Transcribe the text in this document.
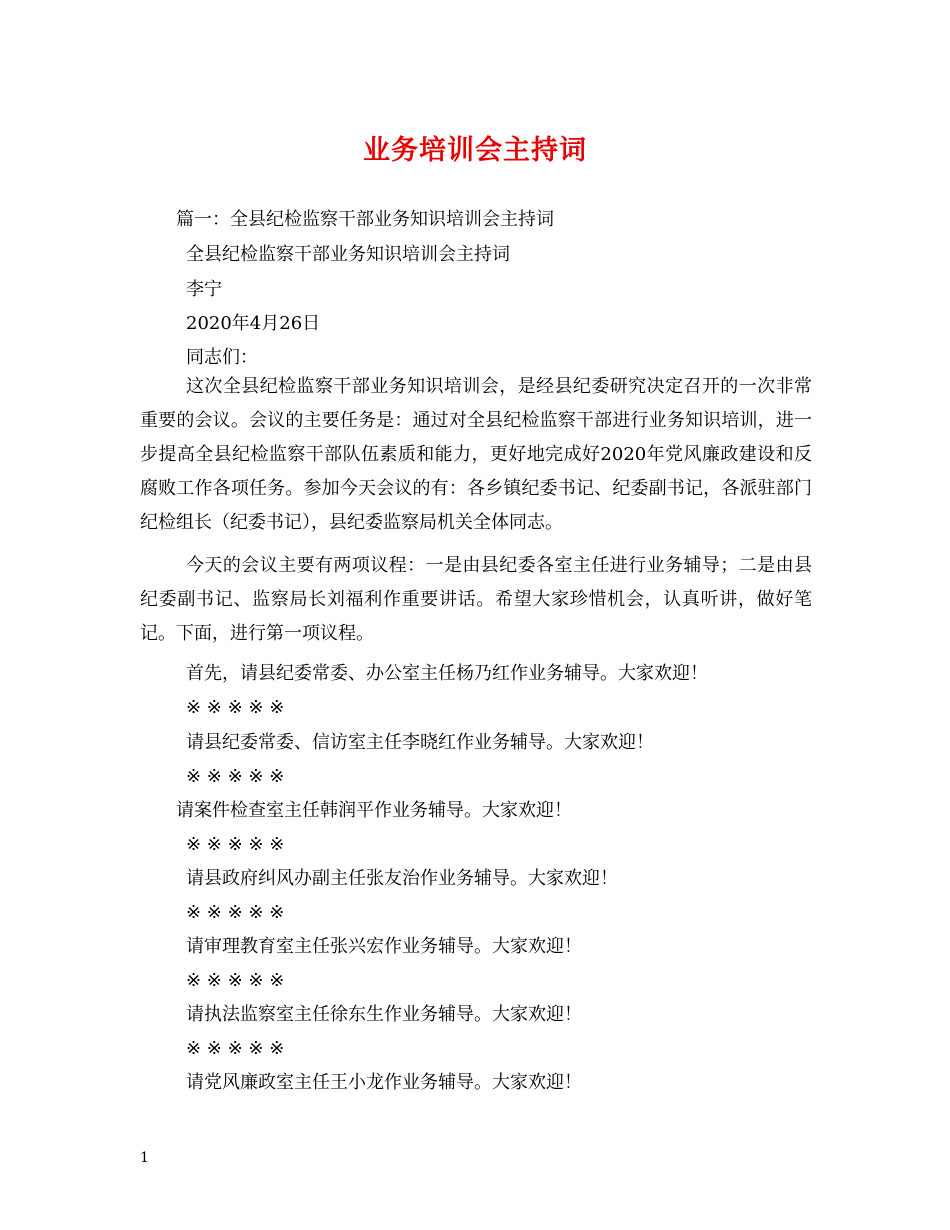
业务培训会主持词
篇一：全县纪检监察干部业务知识培训会主持词
全县纪检监察干部业务知识培训会主持词
李宁
2020年4月26日
同志们：
这次全县纪检监察干部业务知识培训会，是经县纪委研究决定召开的一次非常重要的会议。会议的主要任务是：通过对全县纪检监察干部进行业务知识培训，进一步提高全县纪检监察干部队伍素质和能力，更好地完成好2020年党风廉政建设和反腐败工作各项任务。参加今天会议的有：各乡镇纪委书记、纪委副书记，各派驻部门纪检组长（纪委书记），县纪委监察局机关全体同志。
今天的会议主要有两项议程：一是由县纪委各室主任进行业务辅导；二是由县纪委副书记、监察局长刘福利作重要讲话。希望大家珍惜机会，认真听讲，做好笔记。下面，进行第一项议程。
首先，请县纪委常委、办公室主任杨乃红作业务辅导。大家欢迎！
※ ※ ※ ※ ※
请县纪委常委、信访室主任李晓红作业务辅导。大家欢迎！
※ ※ ※ ※ ※
请案件检查室主任韩润平作业务辅导。大家欢迎！
※ ※ ※ ※ ※
请县政府纠风办副主任张友治作业务辅导。大家欢迎！
※ ※ ※ ※ ※
请审理教育室主任张兴宏作业务辅导。大家欢迎！
※ ※ ※ ※ ※
请执法监察室主任徐东生作业务辅导。大家欢迎！
※ ※ ※ ※ ※
请党风廉政室主任王小龙作业务辅导。大家欢迎！
1
